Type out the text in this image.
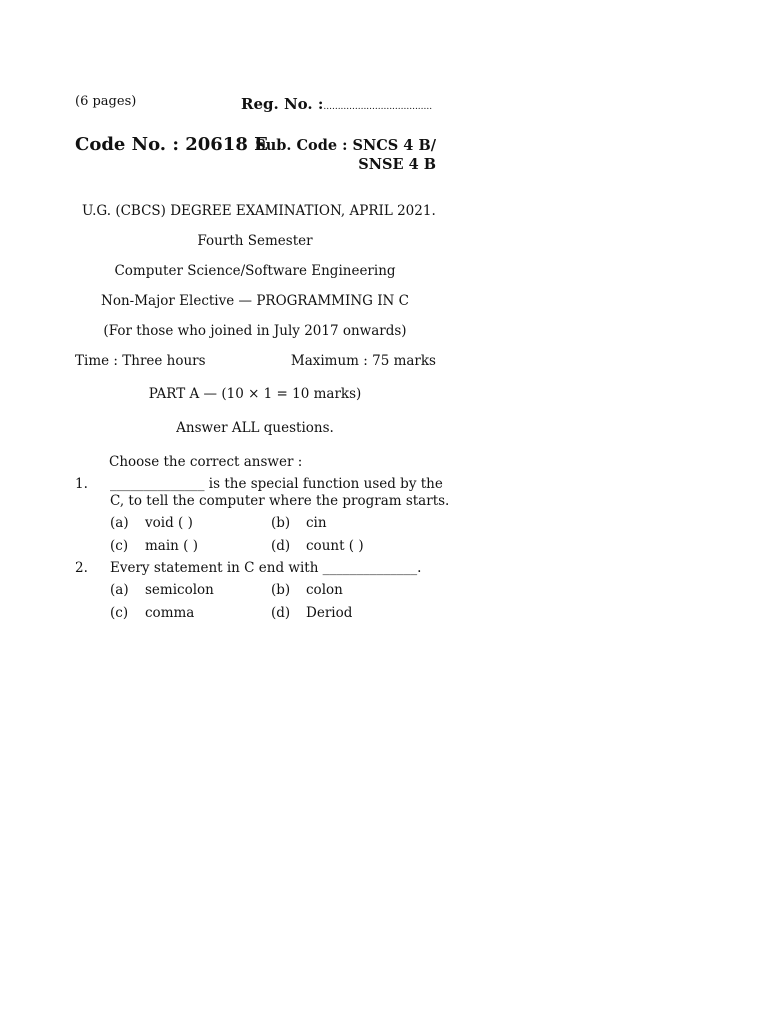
(6 pages)	Reg. No. :......................................
Code No. : 20618 E
Sub. Code : SNCS 4 B/
SNSE 4 B
U.G. (CBCS) DEGREE EXAMINATION, APRIL 2021.
Fourth Semester
Computer Science/Software Engineering
Non-Major Elective — PROGRAMMING IN C
(For those who joined in July 2017 onwards)
Time : Three hours	Maximum : 75 marks
PART A — (10 × 1 = 10 marks)
Answer ALL questions.
Choose the correct answer :
1. ______________ is the special function used by the
C, to tell the computer where the program starts.
(a) void ( )	(b) cin
(c) main ( )	(d) count ( )
2. Every statement in C end with ______________.
(a) semicolon	(b) colon
(c) comma	(d) Deriod
